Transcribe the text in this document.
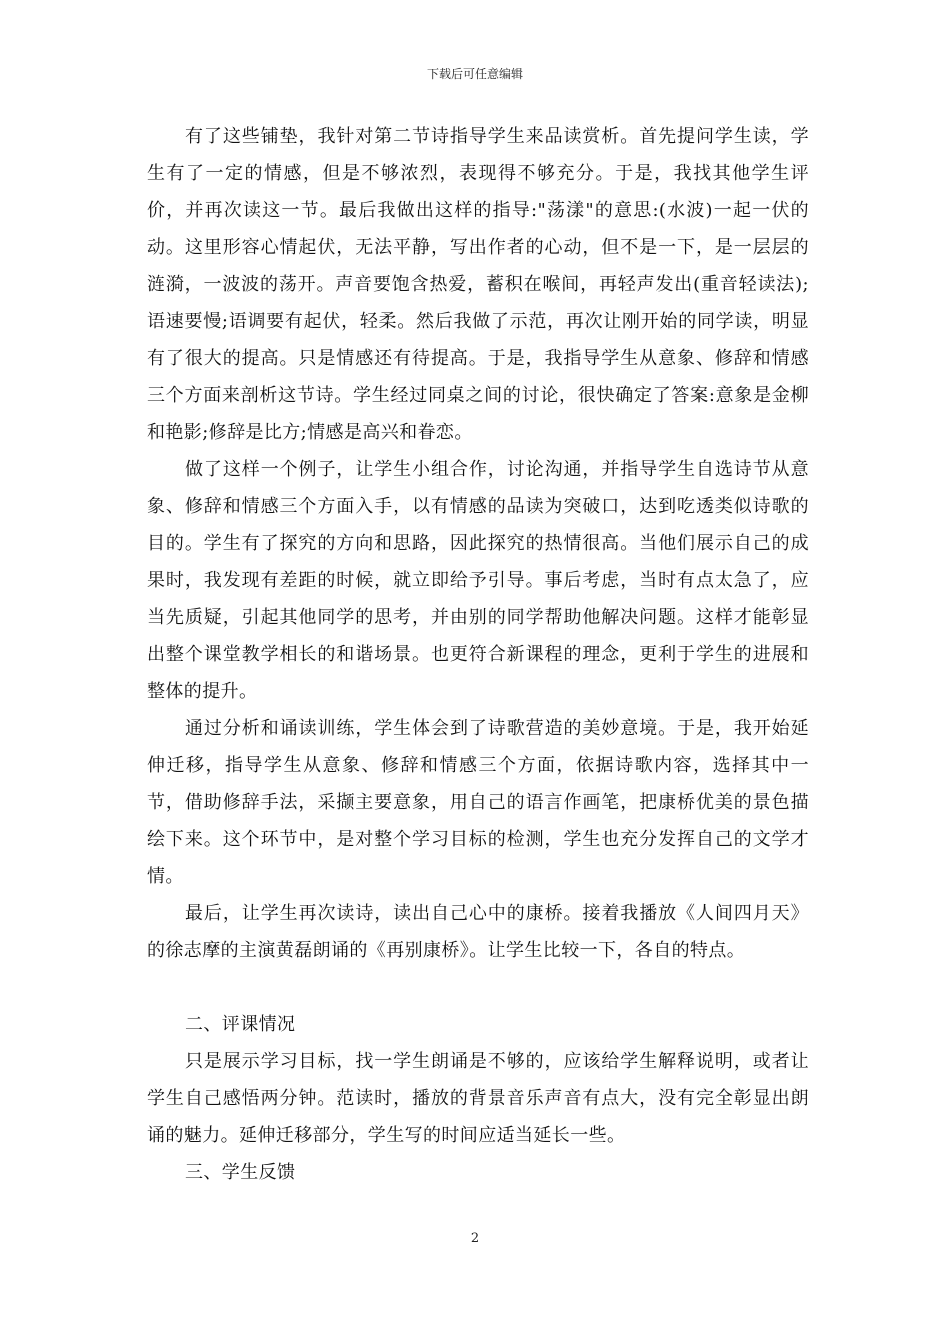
下载后可任意编辑

有了这些铺垫，我针对第二节诗指导学生来品读赏析。首先提问学生读，学生有了一定的情感，但是不够浓烈，表现得不够充分。于是，我找其他学生评价，并再次读这一节。最后我做出这样的指导:"荡漾"的意思:(水波)一起一伏的动。这里形容心情起伏，无法平静，写出作者的心动，但不是一下，是一层层的涟漪，一波波的荡开。声音要饱含热爱，蓄积在喉间，再轻声发出(重音轻读法);语速要慢;语调要有起伏，轻柔。然后我做了示范，再次让刚开始的同学读，明显有了很大的提高。只是情感还有待提高。于是，我指导学生从意象、修辞和情感三个方面来剖析这节诗。学生经过同桌之间的讨论，很快确定了答案:意象是金柳和艳影;修辞是比方;情感是高兴和眷恋。

做了这样一个例子，让学生小组合作，讨论沟通，并指导学生自选诗节从意象、修辞和情感三个方面入手，以有情感的品读为突破口，达到吃透类似诗歌的目的。学生有了探究的方向和思路，因此探究的热情很高。当他们展示自己的成果时，我发现有差距的时候，就立即给予引导。事后考虑，当时有点太急了，应当先质疑，引起其他同学的思考，并由别的同学帮助他解决问题。这样才能彰显出整个课堂教学相长的和谐场景。也更符合新课程的理念，更利于学生的进展和整体的提升。

通过分析和诵读训练，学生体会到了诗歌营造的美妙意境。于是，我开始延伸迁移，指导学生从意象、修辞和情感三个方面，依据诗歌内容，选择其中一节，借助修辞手法，采撷主要意象，用自己的语言作画笔，把康桥优美的景色描绘下来。这个环节中，是对整个学习目标的检测，学生也充分发挥自己的文学才情。

最后，让学生再次读诗，读出自己心中的康桥。接着我播放《人间四月天》的徐志摩的主演黄磊朗诵的《再别康桥》。让学生比较一下，各自的特点。

二、评课情况

只是展示学习目标，找一学生朗诵是不够的，应该给学生解释说明，或者让学生自己感悟两分钟。范读时，播放的背景音乐声音有点大，没有完全彰显出朗诵的魅力。延伸迁移部分，学生写的时间应适当延长一些。

三、学生反馈

2
